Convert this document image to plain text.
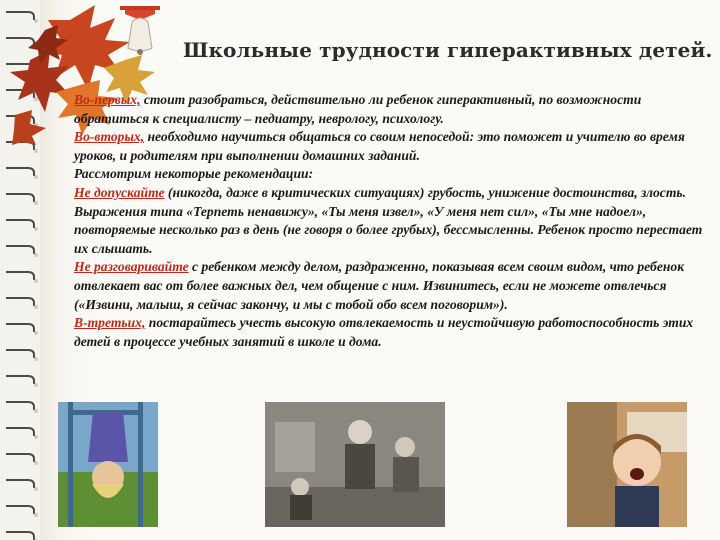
Школьные трудности гиперактивных детей.

Во-первых, стоит разобраться, действительно ли ребенок гиперактивный, по возможности обратиться к специалисту – педиатру, неврологу, психологу.

Во-вторых, необходимо научиться общаться со своим непоседой: это поможет и учителю во время уроков, и родителям при выполнении домашних заданий.

Рассмотрим некоторые рекомендации:

Не допускайте (никогда, даже в критических ситуациях) грубость, унижение достоинства, злость.

Выражения типа «Терпеть ненавижу», «Ты меня извел», «У меня нет сил», «Ты мне надоел», повторяемые несколько раз в день (не говоря о более грубых), бессмысленны. Ребенок просто перестает их слышать.

Не разговаривайте с ребенком между делом, раздраженно, показывая всем своим видом, что ребенок отвлекает вас от более важных дел, чем общение с ним. Извинитесь, если не можете отвлечься («Извини, малыш, я сейчас закончу, и мы с тобой обо всем поговорим»).

В-третьих, постарайтесь учесть высокую отвлекаемость и неустойчивую работоспособность этих детей в процессе учебных занятий в школе и дома.
